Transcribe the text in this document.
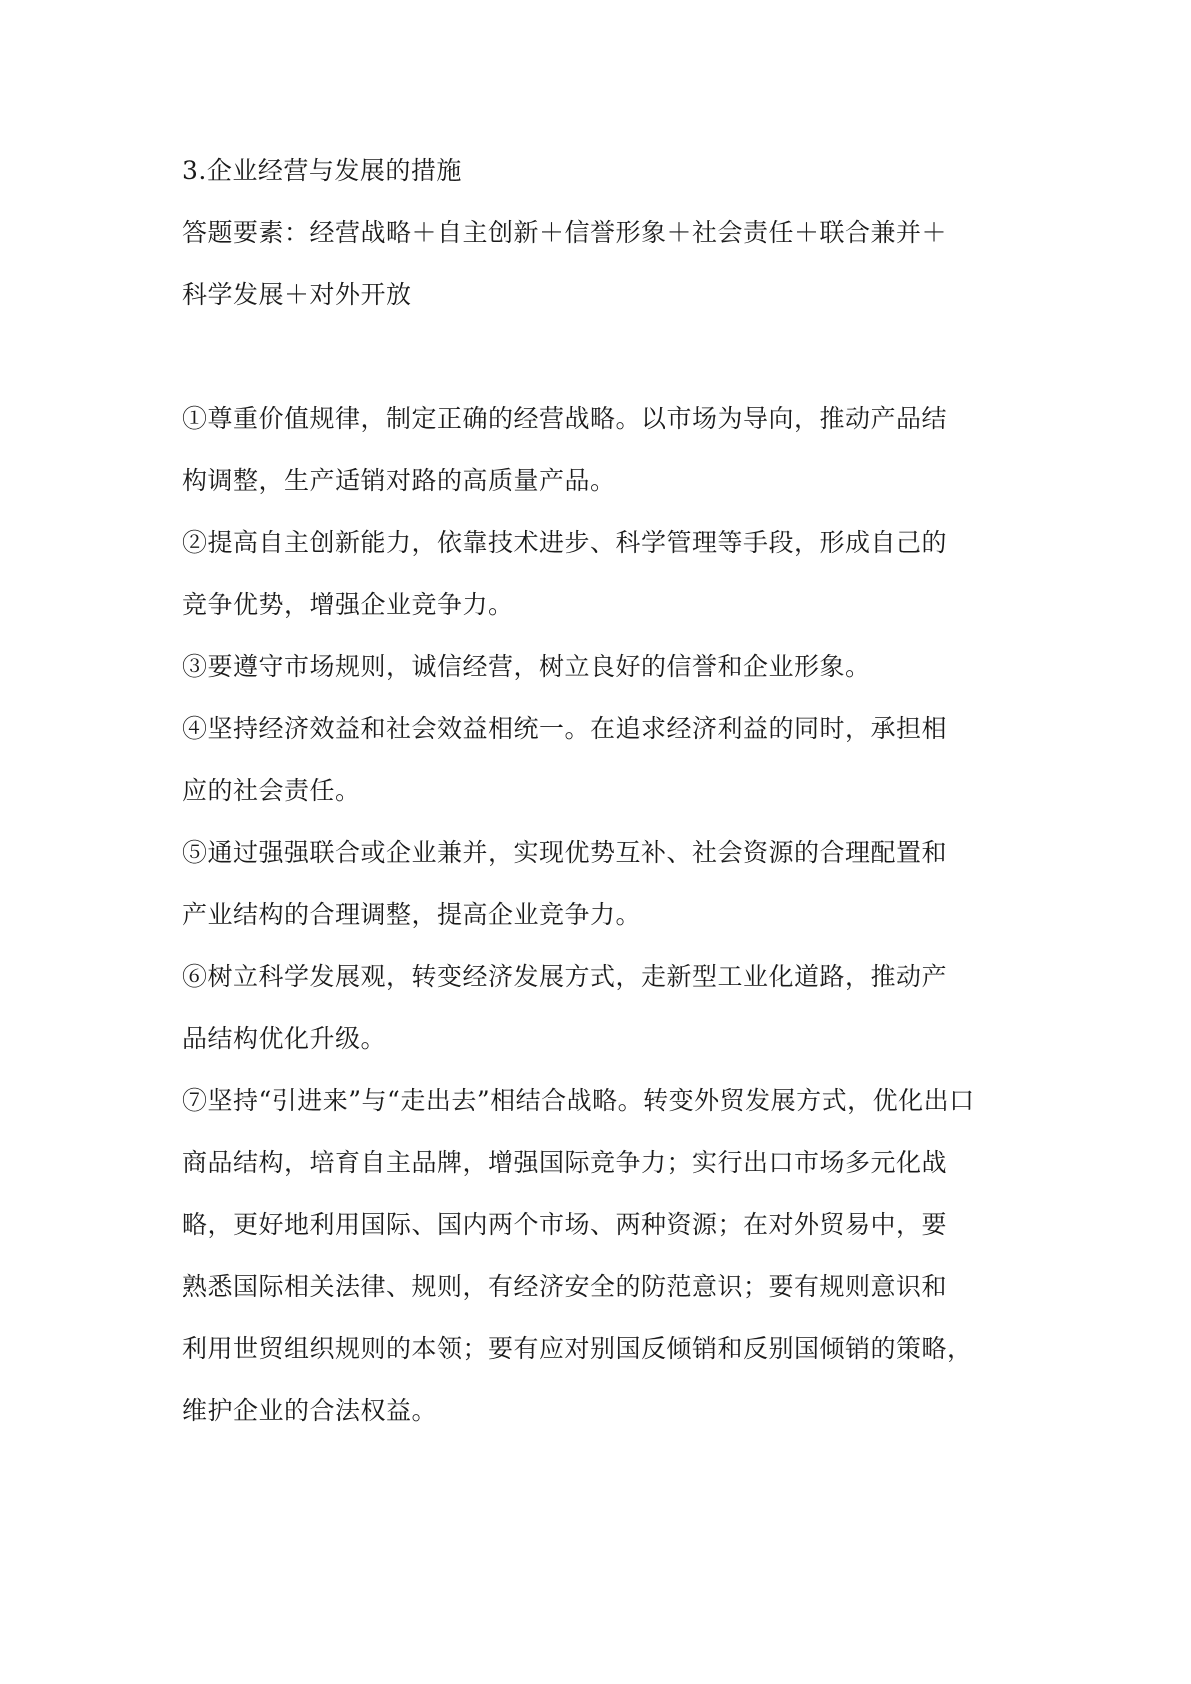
3.企业经营与发展的措施

答题要素：经营战略＋自主创新＋信誉形象＋社会责任＋联合兼并＋

科学发展＋对外开放

①尊重价值规律，制定正确的经营战略。以市场为导向，推动产品结

构调整，生产适销对路的高质量产品。

②提高自主创新能力，依靠技术进步、科学管理等手段，形成自己的

竞争优势，增强企业竞争力。

③要遵守市场规则，诚信经营，树立良好的信誉和企业形象。

④坚持经济效益和社会效益相统一。在追求经济利益的同时，承担相

应的社会责任。

⑤通过强强联合或企业兼并，实现优势互补、社会资源的合理配置和

产业结构的合理调整，提高企业竞争力。

⑥树立科学发展观，转变经济发展方式，走新型工业化道路，推动产

品结构优化升级。

⑦坚持“引进来”与“走出去”相结合战略。转变外贸发展方式，优化出口

商品结构，培育自主品牌，增强国际竞争力；实行出口市场多元化战

略，更好地利用国际、国内两个市场、两种资源；在对外贸易中，要

熟悉国际相关法律、规则，有经济安全的防范意识；要有规则意识和

利用世贸组织规则的本领；要有应对别国反倾销和反别国倾销的策略，

维护企业的合法权益。
